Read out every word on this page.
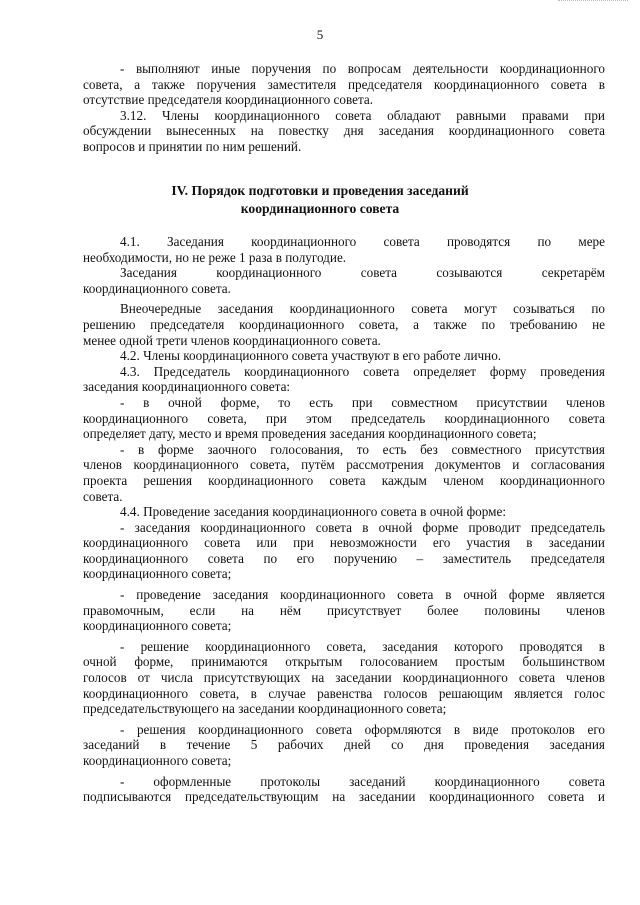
5
- выполняют иные поручения по вопросам деятельности координационного
совета, а также поручения заместителя председателя координационного совета в
отсутствие председателя координационного совета.
3.12. Члены координационного совета обладают равными правами при
обсуждении вынесенных на повестку дня заседания координационного совета
вопросов и принятии по ним решений.
IV. Порядок подготовки и проведения заседаний
координационного совета
4.1. Заседания координационного совета проводятся по мере
необходимости, но не реже 1 раза в полугодие.
Заседания координационного совета созываются секретарём
координационного совета.
Внеочередные заседания координационного совета могут созываться по
решению председателя координационного совета, а также по требованию не
менее одной трети членов координационного совета.
4.2. Члены координационного совета участвуют в его работе лично.
4.3. Председатель координационного совета определяет форму проведения
заседания координационного совета:
- в очной форме, то есть при совместном присутствии членов
координационного совета, при этом председатель координационного совета
определяет дату, место и время проведения заседания координационного совета;
- в форме заочного голосования, то есть без совместного присутствия
членов координационного совета, путём рассмотрения документов и согласования
проекта решения координационного совета каждым членом координационного
совета.
4.4. Проведение заседания координационного совета в очной форме:
- заседания координационного совета в очной форме проводит председатель
координационного совета или при невозможности его участия в заседании
координационного совета по его поручению – заместитель председателя
координационного совета;
- проведение заседания координационного совета в очной форме является
правомочным, если на нём присутствует более половины членов
координационного совета;
- решение координационного совета, заседания которого проводятся в
очной форме, принимаются открытым голосованием простым большинством
голосов от числа присутствующих на заседании координационного совета членов
координационного совета, в случае равенства голосов решающим является голос
председательствующего на заседании координационного совета;
- решения координационного совета оформляются в виде протоколов его
заседаний в течение 5 рабочих дней со дня проведения заседания
координационного совета;
- оформленные протоколы заседаний координационного совета
подписываются председательствующим на заседании координационного совета и
